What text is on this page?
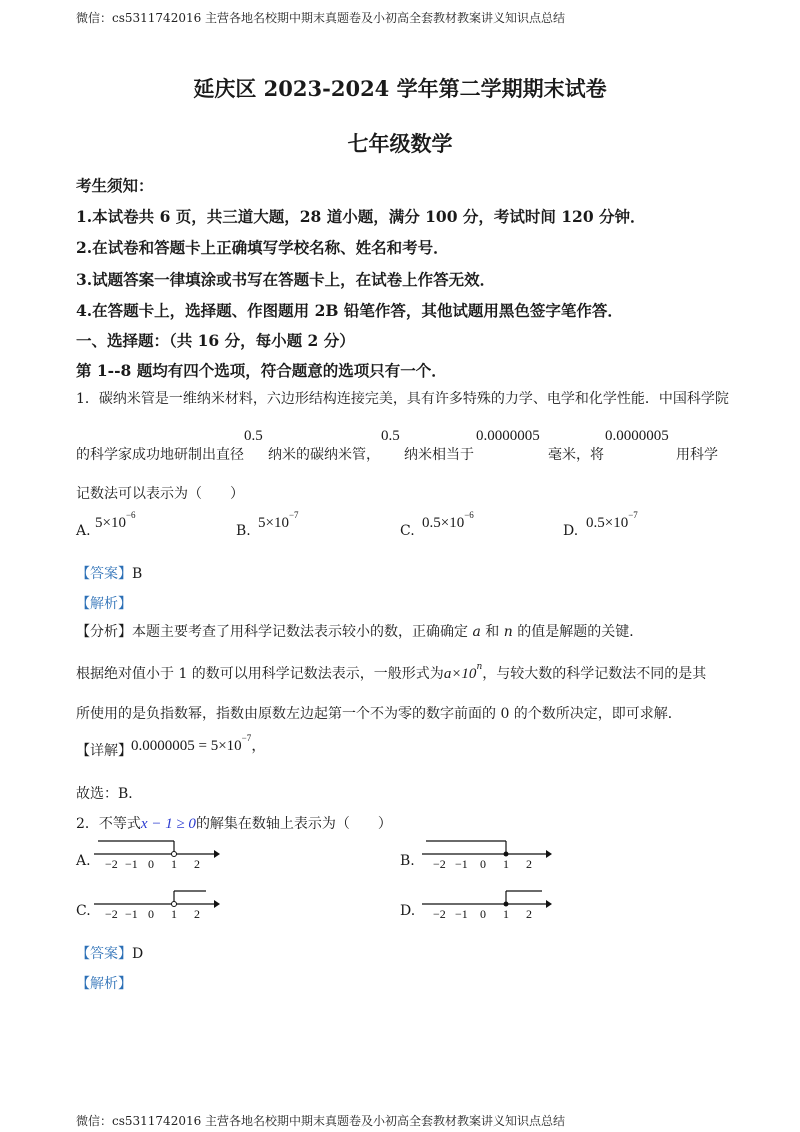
微信：cs5311742016 主营各地名校期中期末真题卷及小初高全套教材教案讲义知识点总结
微信：cs5311742016 主营各地名校期中期末真题卷及小初高全套教材教案讲义知识点总结
延庆区 2023-2024 学年第二学期期末试卷
七年级数学
考生须知：
1.本试卷共 6 页，共三道大题，28 道小题，满分 100 分，考试时间 120 分钟．
2.在试卷和答题卡上正确填写学校名称、姓名和考号．
3.试题答案一律填涂或书写在答题卡上，在试卷上作答无效．
4.在答题卡上，选择题、作图题用 2B 铅笔作答，其他试题用黑色签字笔作答．
一、选择题：（共 16 分，每小题 2 分）
第 1--8 题均有四个选项，符合题意的选项只有一个．
1．碳纳米管是一维纳米材料，六边形结构连接完美，具有许多特殊的力学、电学和化学性能．中国科学院
的科学家成功地研制出直径
0.5
纳米的碳纳米管，
0.5
纳米相当于
0.0000005
毫米，将
0.0000005
用科学
记数法可以表示为（　　）
A. $5\times 10^{-6}$
B. $5\times 10^{-7}$
C. $0.5\times 10^{-6}$
D. $0.5\times 10^{-7}$
【答案】B
【解析】
【分析】本题主要考查了用科学记数法表示较小的数，正确确定 a 和 n 的值是解题的关键．
根据绝对值小于 1 的数可以用科学记数法表示，一般形式为$a\times 10^n$，与较大数的科学记数法不同的是其
所使用的是负指数幂，指数由原数左边起第一个不为零的数字前面的 0 的个数所决定，即可求解．
【详解】 $0.0000005 = 5\times 10^{-7}$，
故选：B．
2．不等式x − 1 ≥ 0的解集在数轴上表示为（　　）
A. −2 −1 0 1 2	B. −2 −1 0 1 2
C. −2 −1 0 1 2	D. −2 −1 0 1 2
【答案】D
【解析】
